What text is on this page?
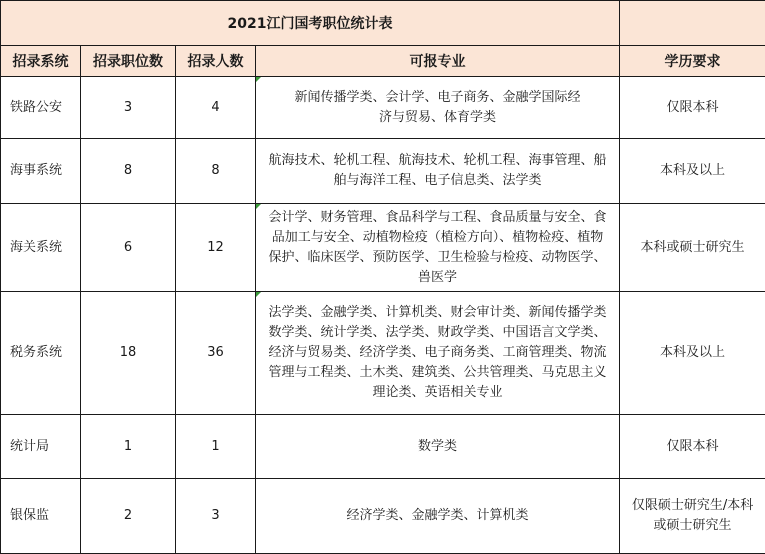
2021江门国考职位统计表				
招录系统	招录职位数	招录人数	可报专业	学历要求
铁路公安	3	4	新闻传播学类、会计学、电子商务、金融学国际经济与贸易、体育学类	仅限本科
海事系统	8	8	航海技术、轮机工程、航海技术、轮机工程、海事管理、船舶与海洋工程、电子信息类、法学类	本科及以上
海关系统	6	12	会计学、财务管理、食品科学与工程、食品质量与安全、食品加工与安全、动植物检疫（植检方向）、植物检疫、植物保护、临床医学、预防医学、卫生检验与检疫、动物医学、兽医学	本科或硕士研究生
税务系统	18	36	法学类、金融学类、计算机类、财会审计类、新闻传播学类数学类、统计学类、法学类、财政学类、中国语言文学类、经济与贸易类、经济学类、电子商务类、工商管理类、物流管理与工程类、土木类、建筑类、公共管理类、马克思主义理论类、英语相关专业	本科及以上
统计局	1	1	数学类	仅限本科
银保监	2	3	经济学类、金融学类、计算机类	仅限硕士研究生/本科或硕士研究生
